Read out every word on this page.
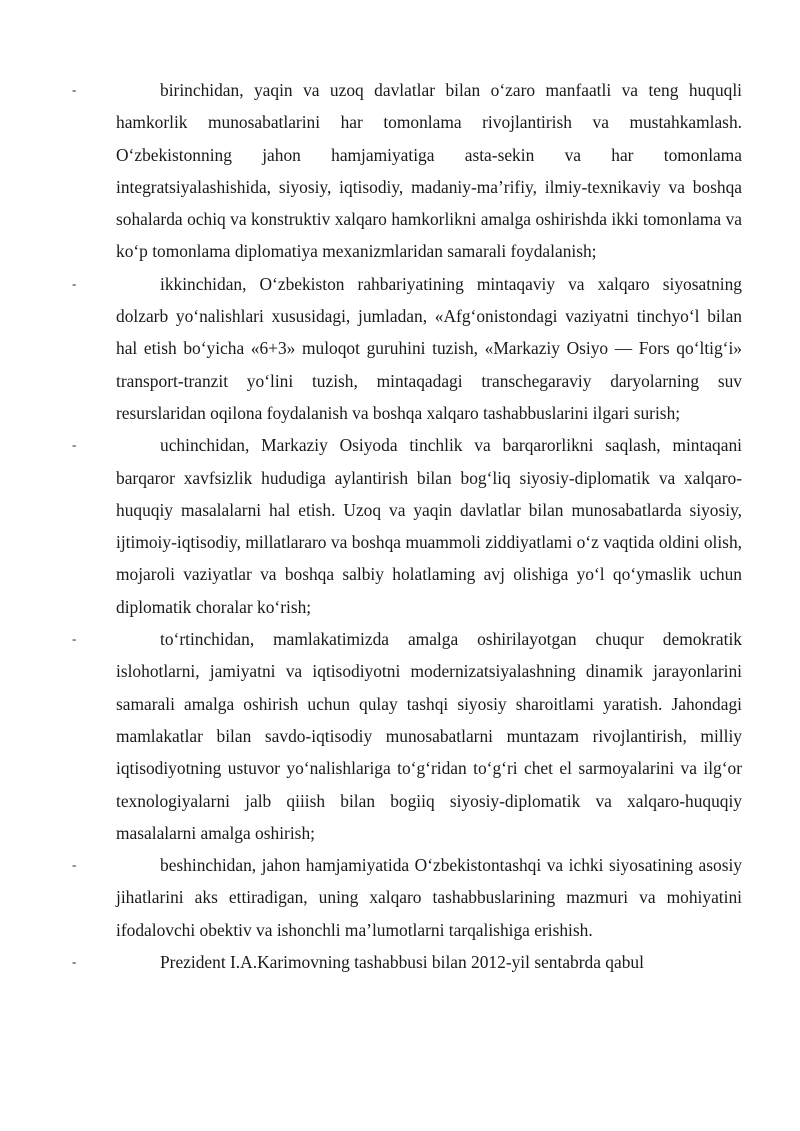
-	birinchidan, yaqin va uzoq davlatlar bilan o‘zaro manfaatli va teng huquqli hamkorlik munosabatlarini har tomonlama rivojlantirish va mustahkamlash. O‘zbekistonning jahon hamjamiyatiga asta-sekin va har tomonlama integratsiyalashishida, siyosiy, iqtisodiy, madaniy-ma’rifiy, ilmiy-texnikaviy va boshqa sohalarda ochiq va konstruktiv xalqaro hamkorlikni amalga oshirishda ikki tomonlama va ko‘p tomonlama diplomatiya mexanizmlaridan samarali foydalanish;

-	ikkinchidan, O‘zbekiston rahbariyatining mintaqaviy va xalqaro siyosatning dolzarb yo‘nalishlari xususidagi, jumladan, «Afg‘onistondagi vaziyatni tinchyo‘l bilan hal etish bo‘yicha «6+3» muloqot guruhini tuzish, «Markaziy Osiyo — Fors qo‘ltig‘i» transport-tranzit yo‘lini tuzish, mintaqadagi transchegaraviy daryolarning suv resurslaridan oqilona foydalanish va boshqa xalqaro tashabbuslarini ilgari surish;

-	uchinchidan, Markaziy Osiyoda tinchlik va barqarorlikni saqlash, mintaqani barqaror xavfsizlik hududiga aylantirish bilan bog‘liq siyosiy-diplomatik va xalqaro-huquqiy masalalarni hal etish. Uzoq va yaqin davlatlar bilan munosabatlarda siyosiy, ijtimoiy-iqtisodiy, millatlararo va boshqa muammoli ziddiyatlami o‘z vaqtida oldini olish, mojaroli vaziyatlar va boshqa salbiy holatlaming avj olishiga yo‘l qo‘ymaslik uchun diplomatik choralar ko‘rish;

-	to‘rtinchidan, mamlakatimizda amalga oshirilayotgan chuqur demokratik islohotlarni, jamiyatni va iqtisodiyotni modernizatsiyalashning dinamik jarayonlarini samarali amalga oshirish uchun qulay tashqi siyosiy sharoitlami yaratish. Jahondagi mamlakatlar bilan savdo-iqtisodiy munosabatlarni muntazam rivojlantirish, milliy iqtisodiyotning ustuvor yo‘nalishlariga to‘g‘ridan to‘g‘ri chet el sarmoyalarini va ilg‘or texnologiyalarni jalb qiiish bilan bogiiq siyosiy-diplomatik va xalqaro-huquqiy masalalarni amalga oshirish;

-	beshinchidan, jahon hamjamiyatida O‘zbekistontashqi va ichki siyosatining asosiy jihatlarini aks ettiradigan, uning xalqaro tashabbuslarining mazmuri va mohiyatini ifodalovchi obektiv va ishonchli ma’lumotlarni tarqalishiga erishish.

-	Prezident I.A.Karimovning tashabbusi bilan 2012-yil sentabrda qabul
